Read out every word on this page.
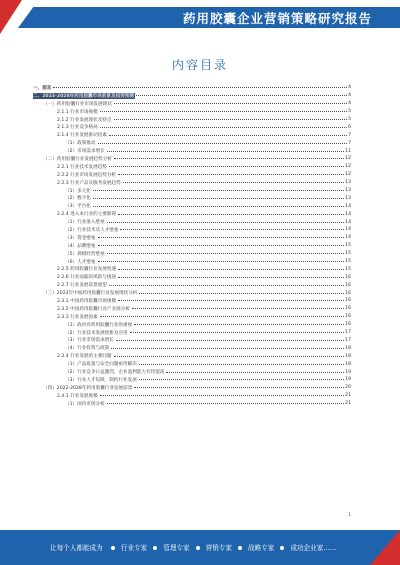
药用胶囊企业营销策略研究报告
内容目录
一、前言	4
二、2023-2028年药用胶囊市场前景及趋势预测	4
（一）药用胶囊行业市场发展现状	4
2.1.1 行业市场规模	5
2.1.2 行业发展现状及特点	5
2.1.3 行业竞争格局	6
2.1.4 行业发展驱动因素	7
（1）政策推动	7
（2）市场需求增长	11
（二）药用胶囊行业发展趋势分析	12
2.2.1 行业技术发展趋势	12
2.2.2 行业市场发展趋势分析	12
2.2.3 行业产品及服务发展趋势	13
（1）多元化	13
（2）数字化	13
（3）平台化	14
2.2.4 进入本行业的主要障碍	14
（1）行业准入壁垒	14
（2）行业技术及人才壁垒	14
（3）资金壁垒	14
（4）品牌壁垒	15
（5）规模经营壁垒	15
（6）人才壁垒	15
2.2.5 药用胶囊行业发展机遇	15
2.2.6 行业面临的风险与挑战	16
2.2.7 行业发展前景展望	16
（三）2023年中国药用胶囊行业发展现状分析	16
2.3.1 中国药用胶囊市场规模	16
2.3.2 中国药用胶囊行业产业链分析	16
2.3.3 行业发展因素	16
（1）政府对药用胶囊行业的重视	16
（2）行业技术发展创新及应用	17
（3）行业市场需求增长	17
（4）行业投资与政策	18
2.3.4 行业发展的主要问题	18
（1）产品质量与安全问题亟待解决	18
（2）行业竞争日益激烈，企业盈利能力有待提高	19
（3）行业人才短缺，制约行业发展	19
（四）2022-2028年药用胶囊行业发展前景	20
2.4.1 行业发展规模	21
（1）国内市场分析	21
1
让每个人都能成为	行业专家 管理专家 营销专家 战略专家 成功企业家……
